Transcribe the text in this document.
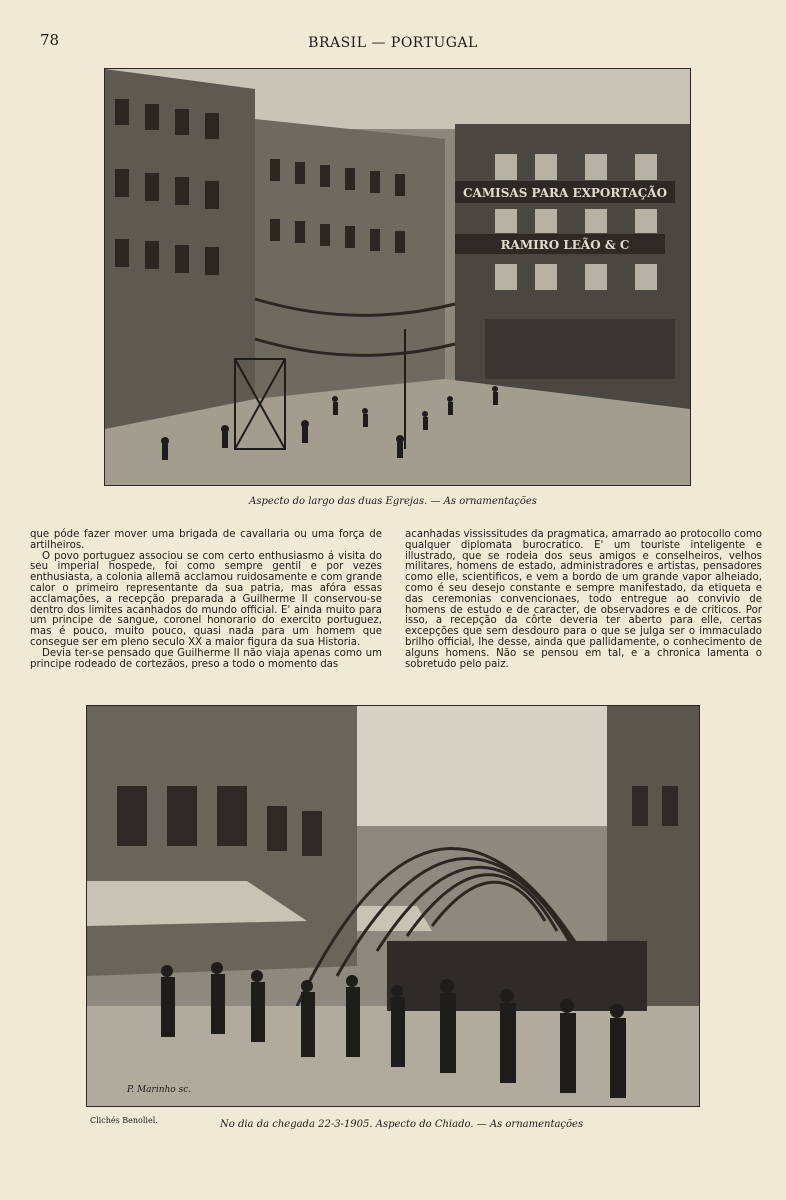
78	BRASIL — PORTUGAL
CAMISAS PARA EXPORTAÇÃO
RAMIRO LEÃO & C
Aspecto do largo das duas Egrejas. — As ornamentações

que póde fazer mover uma brigada de cavallaria ou uma força de artilheiros.

O povo portuguez associou se com certo enthusiasmo á visita do seu imperial hospede, foi como sempre gentil e por vezes enthusiasta, a colonia allemã acclamou ruidosamente e com grande calor o primeiro representante da sua patria, mas afóra essas acclamações, a recepção preparada a Guilherme II conservou-se dentro dos limites acanhados do mundo official. E' ainda muito para um principe de sangue, coronel honorario do exercito portuguez, mas é pouco, muito pouco, quasi nada para um homem que consegue ser em pleno seculo XX a maior figura da sua Historia.

Devia ter-se pensado que Guilherme II não viaja apenas como um principe rodeado de cortezãos, preso a todo o momento das

acanhadas vississitudes da pragmatica, amarrado ao protocollo como qualquer diplomata burocratico. E' um touriste inteligente e illustrado, que se rodeia dos seus amigos e conselheiros, velhos militares, homens de estado, administradores e artistas, pensadores como elle, scientificos, e vem a bordo de um grande vapor alheiado, como é seu desejo constante e sempre manifestado, da etiqueta e das ceremonias convencionaes, todo entregue ao convivio de homens de estudo e de caracter, de observadores e de criticos. Por isso, a recepção da côrte deveria ter aberto para elle, certas excepções que sem desdouro para o que se julga ser o immaculado brilho official, lhe desse, ainda que pallidamente, o conhecimento de alguns homens. Não se pensou em tal, e a chronica lamenta o sobretudo pelo paiz.

P. Marinho sc.
Clichés Benoliel.	No dia da chegada 22-3-1905. Aspecto do Chiado. — As ornamentações
